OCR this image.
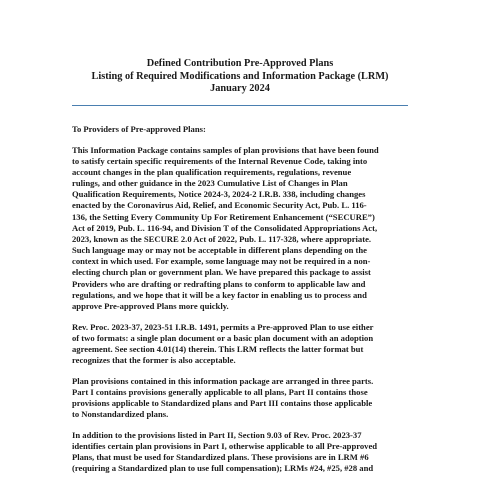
Defined Contribution Pre-Approved Plans
Listing of Required Modifications and Information Package (LRM)
January 2024

To Providers of Pre-approved Plans:

This Information Package contains samples of plan provisions that have been found
to satisfy certain specific requirements of the Internal Revenue Code, taking into
account changes in the plan qualification requirements, regulations, revenue
rulings, and other guidance in the 2023 Cumulative List of Changes in Plan
Qualification Requirements, Notice 2024-3, 2024-2 I.R.B. 338, including changes
enacted by the Coronavirus Aid, Relief, and Economic Security Act, Pub. L. 116-
136, the Setting Every Community Up For Retirement Enhancement (“SECURE”)
Act of 2019, Pub. L. 116-94, and Division T of the Consolidated Appropriations Act,
2023, known as the SECURE 2.0 Act of 2022, Pub. L. 117-328, where appropriate.
Such language may or may not be acceptable in different plans depending on the
context in which used. For example, some language may not be required in a non-
electing church plan or government plan. We have prepared this package to assist
Providers who are drafting or redrafting plans to conform to applicable law and
regulations, and we hope that it will be a key factor in enabling us to process and
approve Pre-approved Plans more quickly.

Rev. Proc. 2023-37, 2023-51 I.R.B. 1491, permits a Pre-approved Plan to use either
of two formats: a single plan document or a basic plan document with an adoption
agreement. See section 4.01(14) therein. This LRM reflects the latter format but
recognizes that the former is also acceptable.

Plan provisions contained in this information package are arranged in three parts.
Part I contains provisions generally applicable to all plans, Part II contains those
provisions applicable to Standardized plans and Part III contains those applicable
to Nonstandardized plans.

In addition to the provisions listed in Part II, Section 9.03 of Rev. Proc. 2023-37
identifies certain plan provisions in Part I, otherwise applicable to all Pre-approved
Plans, that must be used for Standardized plans. These provisions are in LRM #6
(requiring a Standardized plan to use full compensation); LRMs #24, #25, #28 and
